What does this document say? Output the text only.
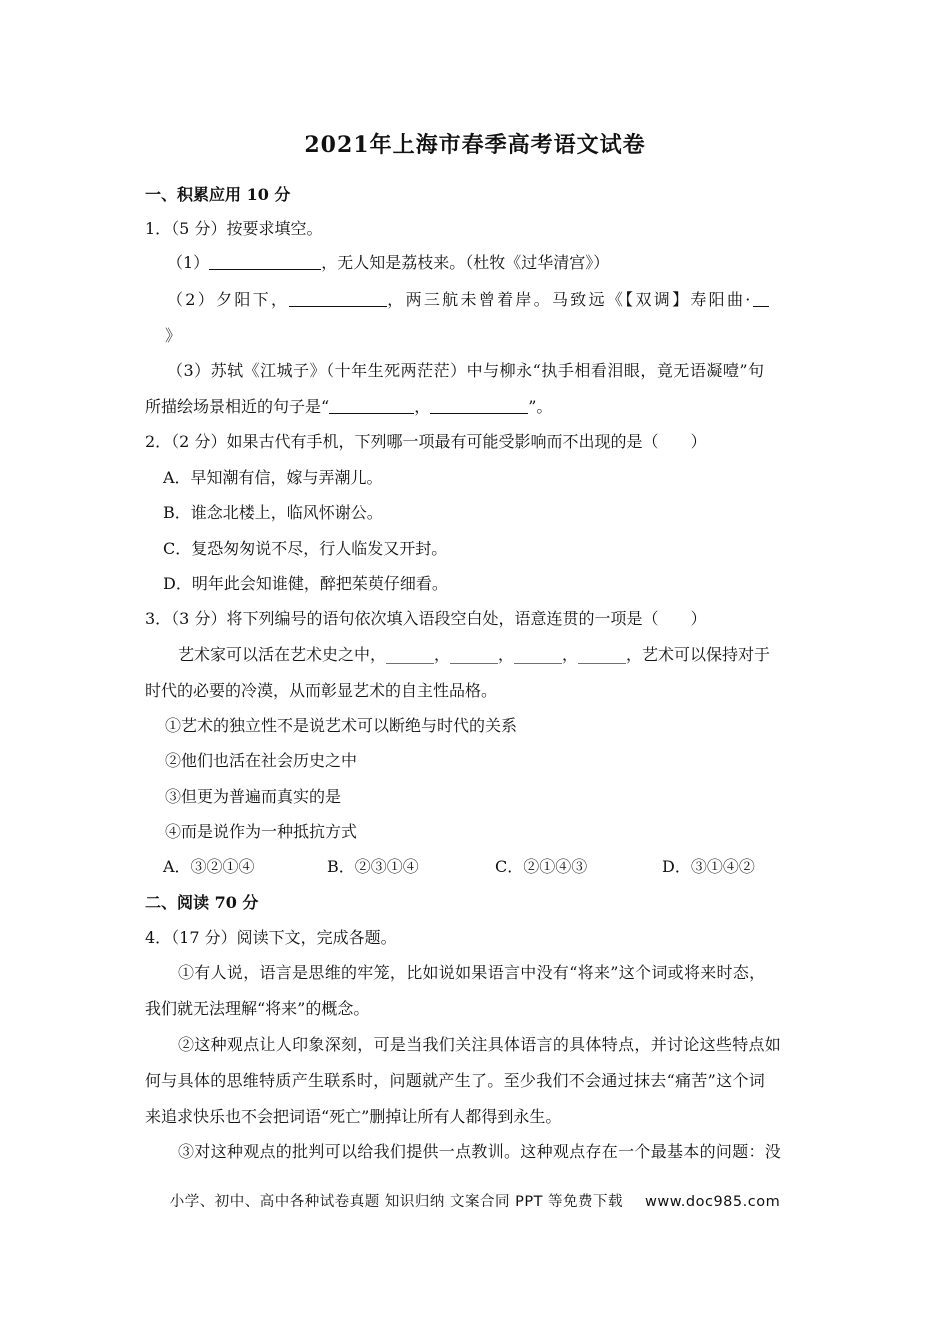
2021年上海市春季高考语文试卷
一、积累应用 10 分
1．（5 分）按要求填空。
（1）	，无人知是荔枝来。（杜牧《过华清宫》）
（2）夕阳下，	，两三航未曾着岸。马致远《【双调】寿阳曲·
》
（3）苏轼《江城子》（十年生死两茫茫）中与柳永“执手相看泪眼，竟无语凝噎”句
所描绘场景相近的句子是“	，	”。
2．（2 分）如果古代有手机，下列哪一项最有可能受影响而不出现的是（　　）
A．早知潮有信，嫁与弄潮儿。
B．谁念北楼上，临风怀谢公。
C．复恐匆匆说不尽，行人临发又开封。
D．明年此会知谁健，醉把茱萸仔细看。
3．（3 分）将下列编号的语句依次填入语段空白处，语意连贯的一项是（　　）
艺术家可以活在艺术史之中，______，______，______，______，艺术可以保持对于
时代的必要的冷漠，从而彰显艺术的自主性品格。
①艺术的独立性不是说艺术可以断绝与时代的关系
②他们也活在社会历史之中
③但更为普遍而真实的是
④而是说作为一种抵抗方式
A．③②①④	B．②③①④	C．②①④③	D．③①④②
二、阅读 70 分
4．（17 分）阅读下文，完成各题。
①有人说，语言是思维的牢笼，比如说如果语言中没有“将来”这个词或将来时态，
我们就无法理解“将来”的概念。
②这种观点让人印象深刻，可是当我们关注具体语言的具体特点，并讨论这些特点如
何与具体的思维特质产生联系时，问题就产生了。至少我们不会通过抹去“痛苦”这个词
来追求快乐也不会把词语“死亡”删掉让所有人都得到永生。
③对这种观点的批判可以给我们提供一点教训。这种观点存在一个最基本的问题：没
小学、初中、高中各种试卷真题 知识归纳 文案合同 PPT 等免费下载 www.doc985.com
